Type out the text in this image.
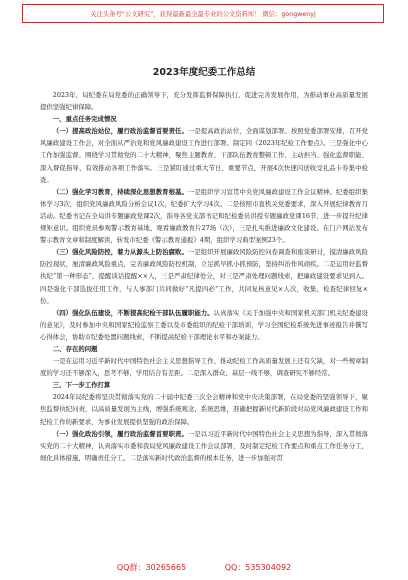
关注头条号“公文研究”，获得最新最全最专业的公文资料库！ 微信：gongwenyj
2023年度纪委工作总结

2023年，局纪委在局党委的正确领导下，充分发挥监督保障执行、促进完善发展作用，为推动事业高质量发展提供坚强纪律保障。

一、重点任务完成情况

（一）提高政治站位，履行政治监督首要责任。一是提高政治站位，全面谋划部署。按照党委部署安排，召开党风廉政建设工作会，对全面从严治党和党风廉政建设工作进行部署。制定同《2023年纪检工作要点》。三是强化中心工作加强监督。围绕学习贯彻党的二十大精神，聚焦主题教育、干部队伍教育整顿工作、主动担当、强化监督职能、深入督促指导、有效推动各项工作落实。三是紧盯通过重大节日、重要节点，开展4次快速闪送收受礼品卡券集中检查。

（二）强化学习教育，持续深化思想教育根基。一是组织学习宣贯中央党风廉政建设工作会议精神。纪委组织集体学习3次，组织党风廉政风险分析会议1次，纪委扩大学习4次。二是按照市直机关党委要求，深入开展纪律教育月活动。纪委书记在全局讲专题廉政党课2次，指导各党支部书记和纪检委员讲授专题廉政党课16节，进一步提升纪律规矩意识。组织党员参观警示教育基地、观看廉政教育片27场（次），三是扎实推进廉政文化建设。在门户网站发布警示教育文章和制度解读，转发市纪委《警示教育通报》4期，组织学习典型案例23个。

（三）强化风险防控，着力从源头上防治腐败。一是组织开展廉政风险防控问卷调查和座谈研讨，摸清廉政风险防控现状，厘清廉政风险重点，完善廉政风险防控机制，立足抓早抓小抓预防，坚持纠治作风顽疾。二是运用好监督执纪“第一种形态”，提醒谈话提醒××人，三是严肃纪律处分，对三是严肃处理问题线索，把廉政建设要求见到人。四是强化干部选拔任用工作，与人事部门共同做好“凡提四必”工作，共同复核意见×人次，收集、检查纪律回复×份。

（四）强化队伍建设，不断提高纪检干部队伍履职能力。认真落实《关于加强中央和国家机关部门机关纪委建设的意见》，及时参加中央和国家纪检监察工委以及市委组织的纪检干部培训，学习全国纪检系统先进事迹报告并撰写心得体会，协助市纪委处置问题线索，不断提高纪检干部理论水平和办案能力。

二、存在的问题

一是在运用习近平新时代中国特色社会主义思想指导工作、推动纪检工作高质量发展上还有欠缺，对一些规章制度的学习还不够深入，思考不够，学用结合有差距。二是深入群众、基层一线不够，调查研究不够经常。

三、下一步工作打算

2024年局纪委将坚决贯彻落实党的二十届中纪委三次全会精神和党中央决策部署，在局党委的坚强领导下，聚焦监督执纪问责，以高质量发展为主线，增强系统观念，系统思维，准确把握新时代新阶段对局党风廉政建设工作和纪检工作的新要求，为事业发展提供坚强的政治保障。

（一）强化政治引领，履行政治监督首要职责。一是以习近平新时代中国特色社会主义思想为指导，深入贯彻落实党的二十大精神，认真落实市委和我局党风廉政建设工作会议部署，及时制定纪检工作要点和重点工作任务分工，细化具体措施，明确责任分工。二是落实新时代政治监督的根本任务，进一步加强对贯

QQ群：30265665	QQ：535304092
